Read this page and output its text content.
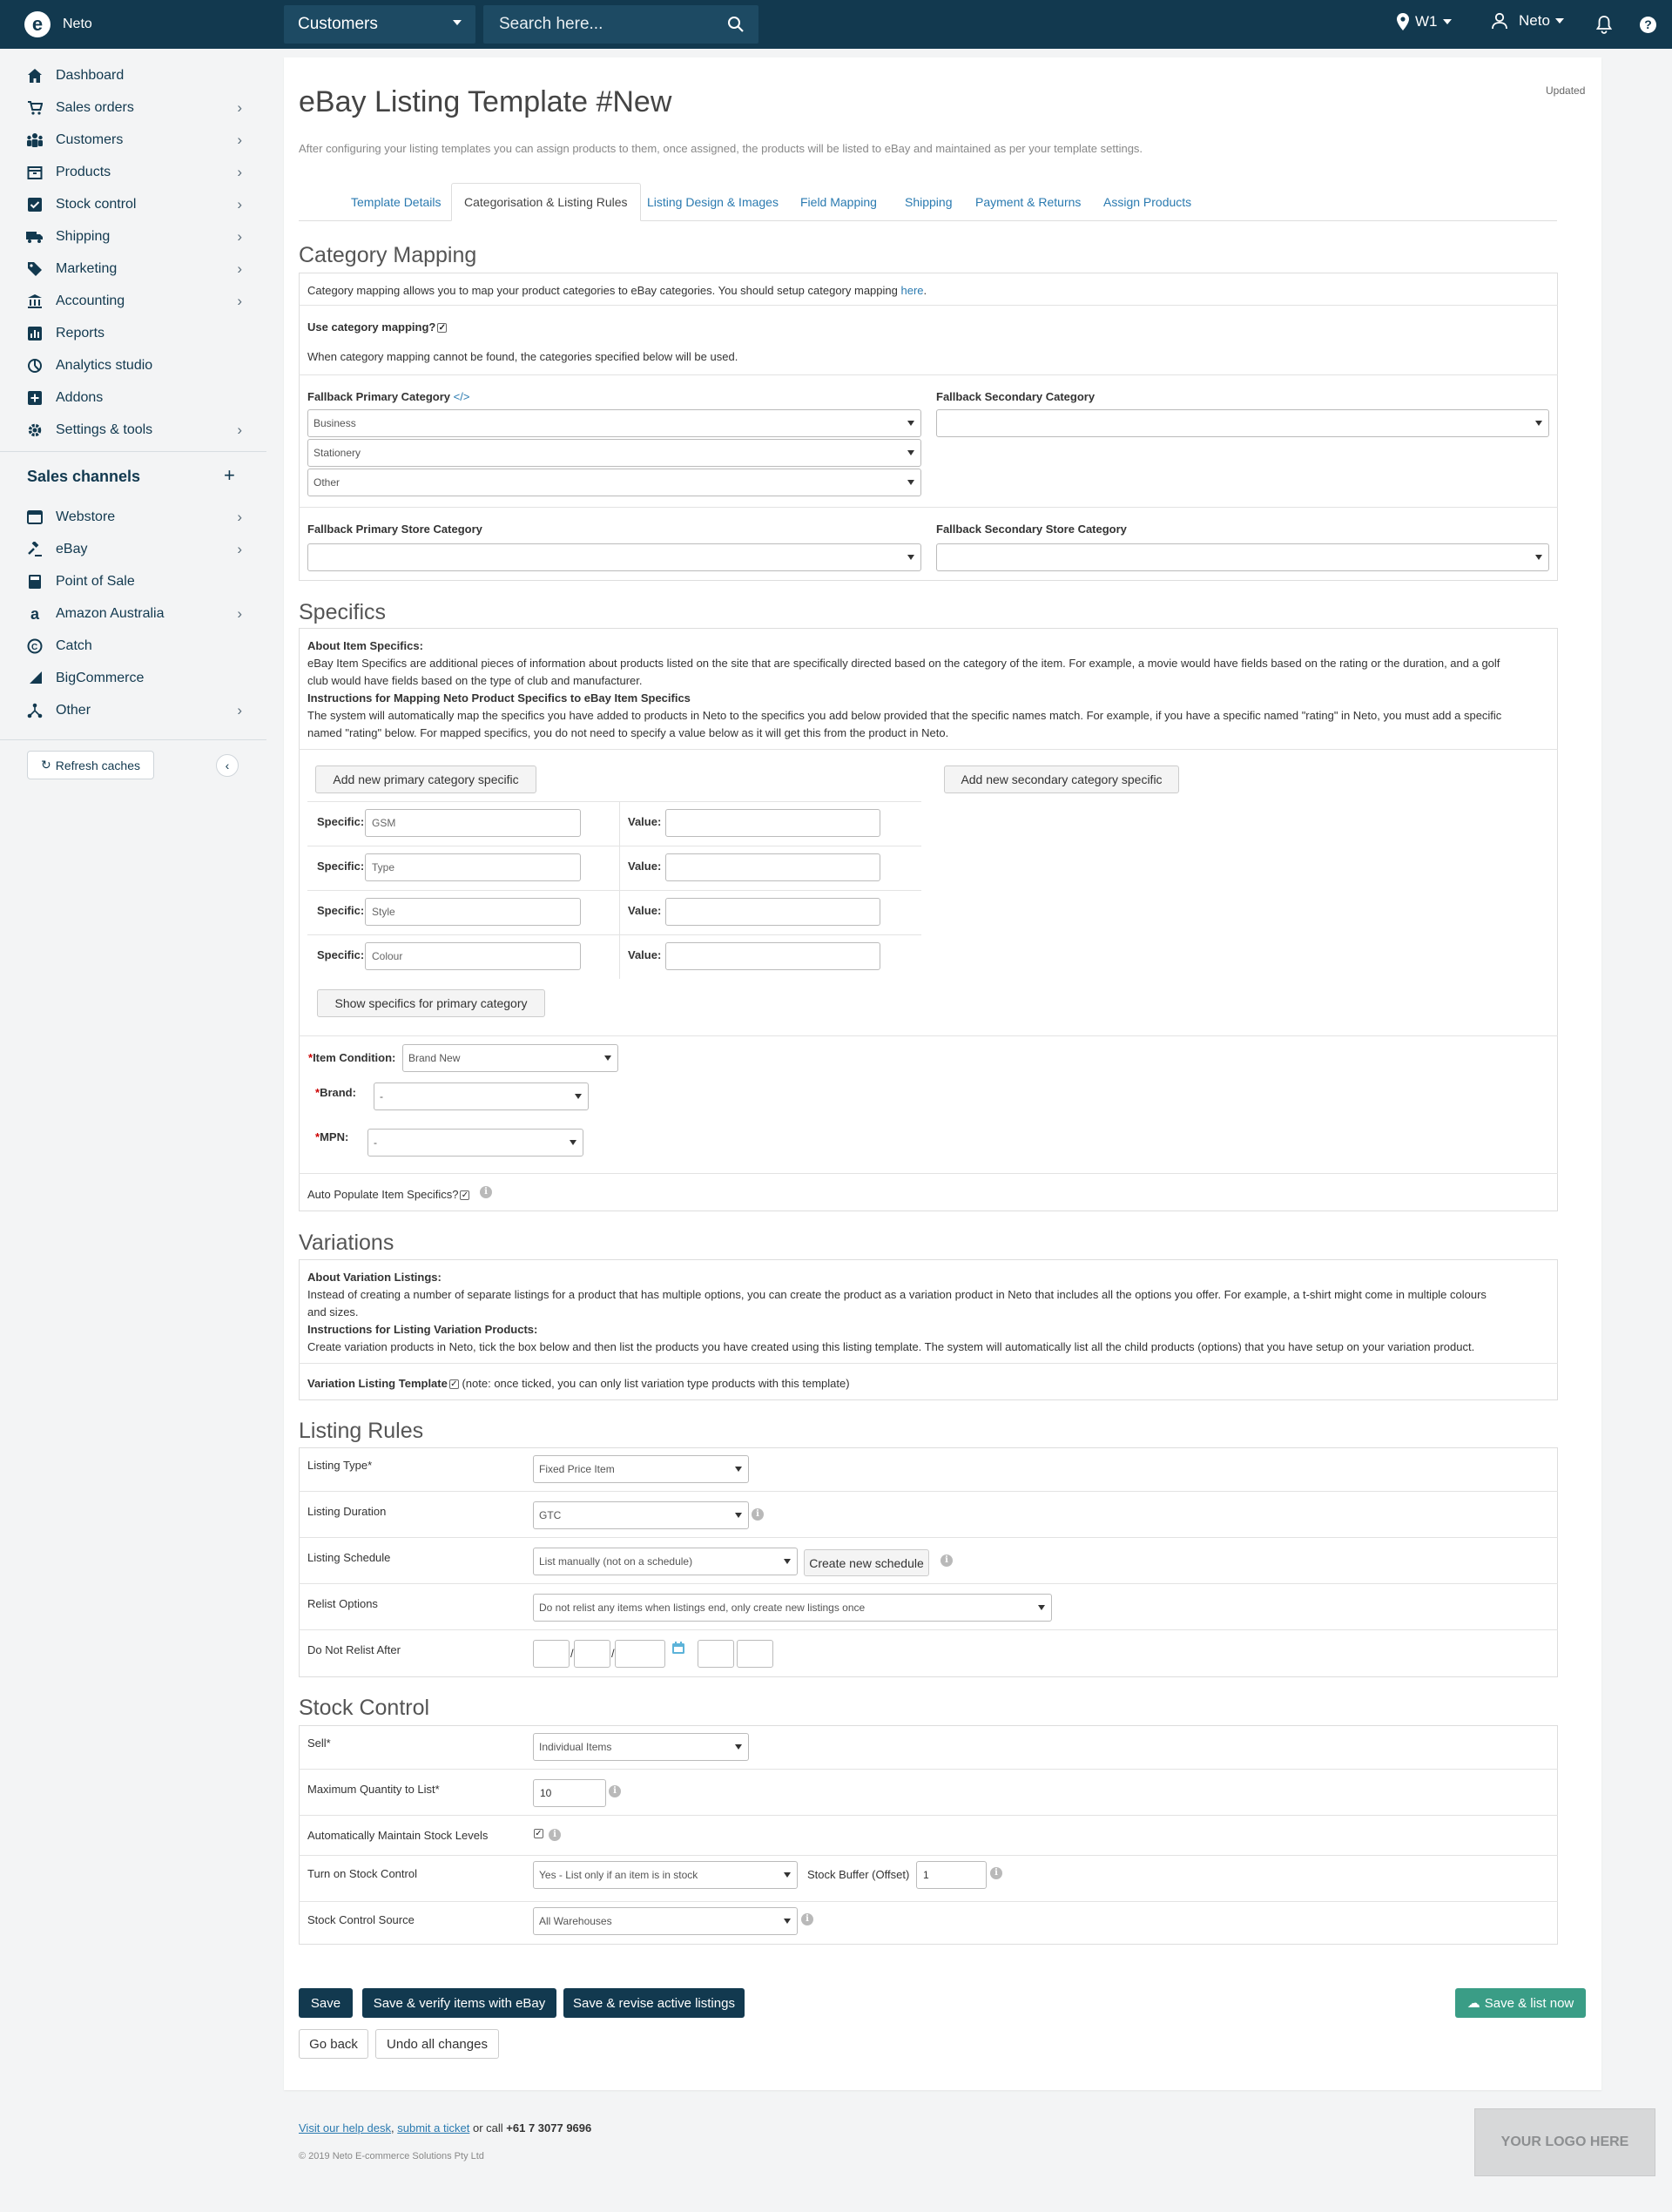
e	Neto	Customers	Search here...	W1	Neto	?
Dashboard
Sales orders	›
Customers	›
Products	›
Stock control	›
Shipping	›
Marketing	›
Accounting	›
Reports
Analytics studio
Addons
Settings & tools	›
Sales channels	+
Webstore	›
eBay	›
Point of Sale
a	Amazon Australia	›
C Catch
BigCommerce
Other	›
↻ Refresh caches	‹
eBay Listing Template #New	Updated
After configuring your listing templates you can assign products to them, once assigned, the products will be listed to eBay and maintained as per your template settings.
Template Details	Categorisation & Listing Rules	Listing Design & Images Field Mapping Shipping Payment & Returns Assign Products
Category Mapping
Category mapping allows you to map your product categories to eBay categories. You should setup category mapping here.
Use category mapping? ✓
When category mapping cannot be found, the categories specified below will be used.
Fallback Primary Category </>	Fallback Secondary Category
Business
Stationery
Other
Fallback Primary Store Category	Fallback Secondary Store Category
Specifics
About Item Specifics:
eBay Item Specifics are additional pieces of information about products listed on the site that are specifically directed based on the category of the item. For example, a movie would have fields based on the rating or the duration, and a golf
club would have fields based on the type of club and manufacturer.
Instructions for Mapping Neto Product Specifics to eBay Item Specifics
The system will automatically map the specifics you have added to products in Neto to the specifics you add below provided that the specific names match. For example, if you have a specific named "rating" in Neto, you must add a specific
named "rating" below. For mapped specifics, you do not need to specify a value below as it will get this from the product in Neto.
Add new primary category specific	Add new secondary category specific
Specific: GSM	Value:
Specific: Type	Value:
Specific: Style	Value:
Specific: Colour	Value:
Show specifics for primary category
*Item Condition: Brand New
*Brand: -
*MPN: -
Auto Populate Item Specifics? ✓	i
Variations
About Variation Listings:
Instead of creating a number of separate listings for a product that has multiple options, you can create the product as a variation product in Neto that includes all the options you offer. For example, a t-shirt might come in multiple colours
and sizes.
Instructions for Listing Variation Products:
Create variation products in Neto, tick the box below and then list the products you have created using this listing template. The system will automatically list all the child products (options) that you have setup on your variation product.
Variation Listing Template ✓ (note: once ticked, you can only list variation type products with this template)
Listing Rules
Listing Type*	Fixed Price Item
Listing Duration	GTC	i
Listing Schedule	List manually (not on a schedule)	Create new schedule	i
Relist Options	Do not relist any items when listings end, only create new listings once
Do Not Relist After	/	/
Stock Control
Sell*	Individual Items
Maximum Quantity to List*	10	i
Automatically Maintain Stock Levels	✓	i
Turn on Stock Control	Yes - List only if an item is in stock	Stock Buffer (Offset)	1	i
Stock Control Source	All Warehouses	i
Save	Save & verify items with eBay	Save & revise active listings	☁ Save & list now
Go back	Undo all changes
Visit our help desk, submit a ticket or call +61 7 3077 9696
© 2019 Neto E-commerce Solutions Pty Ltd
YOUR LOGO HERE
